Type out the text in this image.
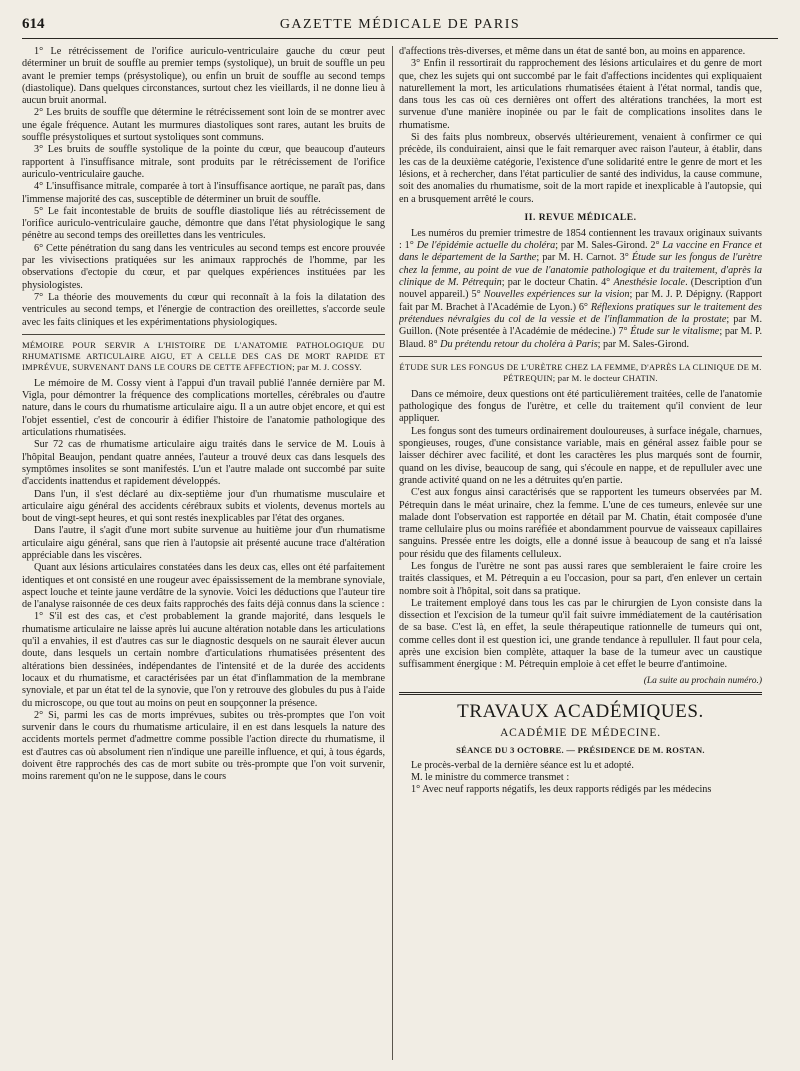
614	GAZETTE MÉDICALE DE PARIS

1° Le rétrécissement de l'orifice auriculo-ventriculaire gauche du cœur peut déterminer un bruit de souffle au premier temps (systolique), un bruit de souffle un peu avant le premier temps (présystolique), ou enfin un bruit de souffle au second temps (diastolique). Dans quelques circonstances, surtout chez les vieillards, il ne donne lieu à aucun bruit anormal.

2° Les bruits de souffle que détermine le rétrécissement sont loin de se montrer avec une égale fréquence. Autant les murmures diastoliques sont rares, autant les bruits de souffle présystoliques et surtout systoliques sont communs.

3° Les bruits de souffle systolique de la pointe du cœur, que beaucoup d'auteurs rapportent à l'insuffisance mitrale, sont produits par le rétrécissement de l'orifice auriculo-ventriculaire gauche.

4° L'insuffisance mitrale, comparée à tort à l'insuffisance aortique, ne paraît pas, dans l'immense majorité des cas, susceptible de déterminer un bruit de souffle.

5° Le fait incontestable de bruits de souffle diastolique liés au rétrécissement de l'orifice auriculo-ventriculaire gauche, démontre que dans l'état physiologique le sang pénètre au second temps des oreillettes dans les ventricules.

6° Cette pénétration du sang dans les ventricules au second temps est encore prouvée par les vivisections pratiquées sur les animaux rapprochés de l'homme, par les observations d'ectopie du cœur, et par quelques expériences instituées par les physiologistes.

7° La théorie des mouvements du cœur qui reconnaît à la fois la dilatation des ventricules au second temps, et l'énergie de contraction des oreillettes, s'accorde seule avec les faits cliniques et les expérimentations physiologiques.

MÉMOIRE POUR SERVIR A L'HISTOIRE DE L'ANATOMIE PATHOLOGIQUE DU RHUMATISME ARTICULAIRE AIGU, ET A CELLE DES CAS DE MORT RAPIDE ET IMPRÉVUE, SURVENANT DANS LE COURS DE CETTE AFFECTION; par M. J. COSSY.

Le mémoire de M. Cossy vient à l'appui d'un travail publié l'année dernière par M. Vigla, pour démontrer la fréquence des complications mortelles, cérébrales ou d'autre nature, dans le cours du rhumatisme articulaire aigu. Il a un autre objet encore, et qui est l'objet essentiel, c'est de concourir à édifier l'histoire de l'anatomie pathologique des articulations rhumatisées.

Sur 72 cas de rhumatisme articulaire aigu traités dans le service de M. Louis à l'hôpital Beaujon, pendant quatre années, l'auteur a trouvé deux cas dans lesquels des symptômes insolites se sont manifestés. L'un et l'autre malade ont succombé par suite d'accidents inattendus et rapidement développés.

Dans l'un, il s'est déclaré au dix-septième jour d'un rhumatisme musculaire et articulaire aigu général des accidents cérébraux subits et violents, devenus mortels au bout de vingt-sept heures, et qui sont restés inexplicables par l'état des organes.

Dans l'autre, il s'agit d'une mort subite survenue au huitième jour d'un rhumatisme articulaire aigu général, sans que rien à l'autopsie ait présenté aucune trace d'altération appréciable dans les viscères.

Quant aux lésions articulaires constatées dans les deux cas, elles ont été parfaitement identiques et ont consisté en une rougeur avec épaississement de la membrane synoviale, aspect louche et teinte jaune verdâtre de la synovie. Voici les déductions que l'auteur tire de l'analyse raisonnée de ces deux faits rapprochés des faits déjà connus dans la science :

1° S'il est des cas, et c'est probablement la grande majorité, dans lesquels le rhumatisme articulaire ne laisse après lui aucune altération notable dans les articulations qu'il a envahies, il est d'autres cas sur le diagnostic desquels on ne saurait élever aucun doute, dans lesquels un certain nombre d'articulations rhumatisées présentent des altérations bien dessinées, indépendantes de l'intensité et de la durée des accidents locaux et du rhumatisme, et caractérisées par un état d'inflammation de la membrane synoviale, et par un état tel de la synovie, que l'on y retrouve des globules du pus à l'aide du microscope, ou que tout au moins on peut en soupçonner la présence.

2° Si, parmi les cas de morts imprévues, subites ou très-promptes que l'on voit survenir dans le cours du rhumatisme articulaire, il en est dans lesquels la nature des accidents mortels permet d'admettre comme possible l'action directe du rhumatisme, il est d'autres cas où absolument rien n'indique une pareille influence, et qui, à tous égards, doivent être rapprochés des cas de mort subite ou très-prompte que l'on voit survenir, moins rarement qu'on ne le suppose, dans le cours

d'affections très-diverses, et même dans un état de santé bon, au moins en apparence.

3° Enfin il ressortirait du rapprochement des lésions articulaires et du genre de mort que, chez les sujets qui ont succombé par le fait d'affections incidentes qui expliquaient naturellement la mort, les articulations rhumatisées étaient à l'état normal, tandis que, dans tous les cas où ces dernières ont offert des altérations tranchées, la mort est survenue d'une manière inopinée ou par le fait de complications insolites dans le rhumatisme.

Si des faits plus nombreux, observés ultérieurement, venaient à confirmer ce qui précède, ils conduiraient, ainsi que le fait remarquer avec raison l'auteur, à établir, dans les cas de la deuxième catégorie, l'existence d'une solidarité entre le genre de mort et les lésions, et à rechercher, dans l'état particulier de santé des individus, la cause commune, soit des anomalies du rhumatisme, soit de la mort rapide et inexplicable à l'autopsie, qui en a brusquement arrêté le cours.

II. REVUE MÉDICALE.

Les numéros du premier trimestre de 1854 contiennent les travaux originaux suivants : 1° De l'épidémie actuelle du choléra; par M. Sales-Girond. 2° La vaccine en France et dans le département de la Sarthe; par M. H. Carnot. 3° Étude sur les fongus de l'urètre chez la femme, au point de vue de l'anatomie pathologique et du traitement, d'après la clinique de M. Pétrequin; par le docteur Chatin. 4° Anesthésie locale. (Description d'un nouvel appareil.) 5° Nouvelles expériences sur la vision; par M. J. P. Dépigny. (Rapport fait par M. Brachet à l'Académie de Lyon.) 6° Réflexions pratiques sur le traitement des prétendues névralgies du col de la vessie et de l'inflammation de la prostate; par M. Guillon. (Note présentée à l'Académie de médecine.) 7° Étude sur le vitalisme; par M. P. Blaud. 8° Du prétendu retour du choléra à Paris; par M. Sales-Girond.

ÉTUDE SUR LES FONGUS DE L'URÈTRE CHEZ LA FEMME, D'APRÈS LA CLINIQUE DE M. PÉTREQUIN; par M. le docteur CHATIN.

Dans ce mémoire, deux questions ont été particulièrement traitées, celle de l'anatomie pathologique des fongus de l'urètre, et celle du traitement qu'il convient de leur appliquer.

Les fongus sont des tumeurs ordinairement douloureuses, à surface inégale, charnues, spongieuses, rouges, d'une consistance variable, mais en général assez faible pour se laisser déchirer avec facilité, et dont les caractères les plus marqués sont de fournir, quand on les divise, beaucoup de sang, qui s'écoule en nappe, et de repulluler avec une grande activité quand on ne les a détruites qu'en partie.

C'est aux fongus ainsi caractérisés que se rapportent les tumeurs observées par M. Pétrequin dans le méat urinaire, chez la femme. L'une de ces tumeurs, enlevée sur une malade dont l'observation est rapportée en détail par M. Chatin, était composée d'une trame cellulaire plus ou moins raréfiée et abondamment pourvue de vaisseaux capillaires sanguins. Pressée entre les doigts, elle a donné issue à beaucoup de sang et n'a laissé pour résidu que des filaments celluleux.

Les fongus de l'urètre ne sont pas aussi rares que sembleraient le faire croire les traités classiques, et M. Pétrequin a eu l'occasion, pour sa part, d'en enlever un certain nombre soit à l'hôpital, soit dans sa pratique.

Le traitement employé dans tous les cas par le chirurgien de Lyon consiste dans la dissection et l'excision de la tumeur qu'il fait suivre immédiatement de la cautérisation de sa base. C'est là, en effet, la seule thérapeutique rationnelle de tumeurs qui ont, comme celles dont il est question ici, une grande tendance à repulluler. Il faut pour cela, après une excision bien complète, attaquer la base de la tumeur avec un caustique suffisamment énergique : M. Pétrequin emploie à cet effet le beurre d'antimoine.

(La suite au prochain numéro.)
TRAVAUX ACADÉMIQUES.
ACADÉMIE DE MÉDECINE.
SÉANCE DU 3 OCTOBRE. — PRÉSIDENCE DE M. ROSTAN.

Le procès-verbal de la dernière séance est lu et adopté.

M. le ministre du commerce transmet :

1° Avec neuf rapports négatifs, les deux rapports rédigés par les médecins
